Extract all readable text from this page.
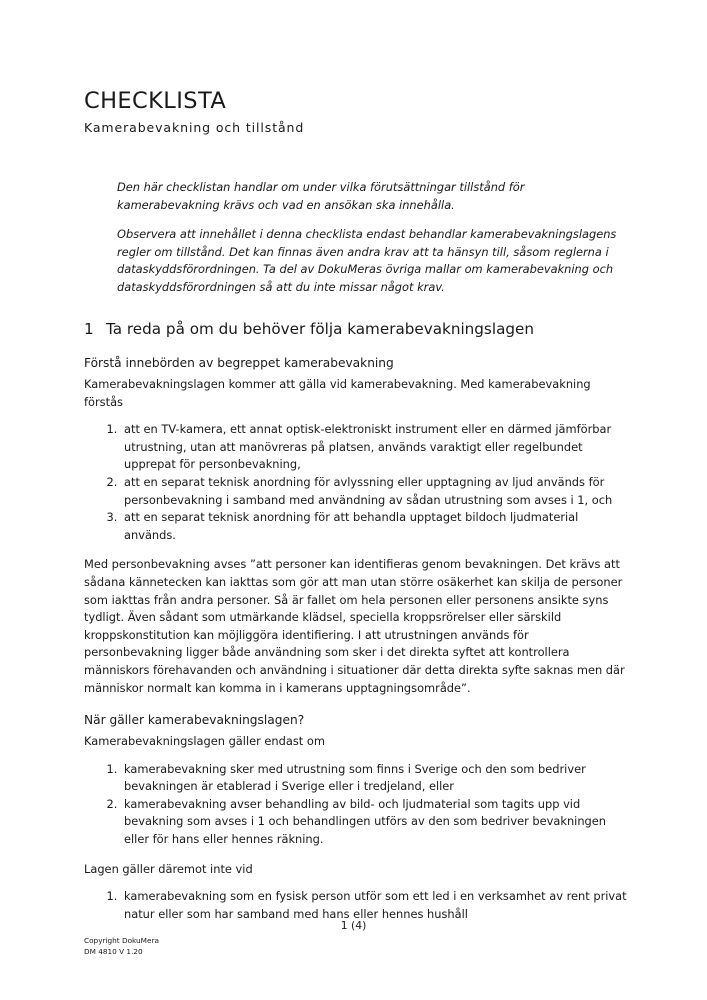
CHECKLISTA
Kamerabevakning och tillstånd

Den här checklistan handlar om under vilka förutsättningar tillstånd för kamerabevakning krävs och vad en ansökan ska innehålla.

Observera att innehållet i denna checklista endast behandlar kamerabevakningslagens regler om tillstånd. Det kan finnas även andra krav att ta hänsyn till, såsom reglerna i dataskyddsförordningen. Ta del av DokuMeras övriga mallar om kamerabevakning och dataskyddsförordningen så att du inte missar något krav.

1 Ta reda på om du behöver följa kamerabevakningslagen
Förstå innebörden av begreppet kamerabevakning

Kamerabevakningslagen kommer att gälla vid kamerabevakning. Med kamerabevakning förstås

1. att en TV-kamera, ett annat optisk-elektroniskt instrument eller en därmed jämförbar utrustning, utan att manövreras på platsen, används varaktigt eller regelbundet upprepat för personbevakning,
2. att en separat teknisk anordning för avlyssning eller upptagning av ljud används för personbevakning i samband med användning av sådan utrustning som avses i 1, och
3. att en separat teknisk anordning för att behandla upptaget bildoch ljudmaterial används.

Med personbevakning avses ”att personer kan identifieras genom bevakningen. Det krävs att sådana kännetecken kan iakttas som gör att man utan större osäkerhet kan skilja de personer som iakttas från andra personer. Så är fallet om hela personen eller personens ansikte syns tydligt. Även sådant som utmärkande klädsel, speciella kroppsrörelser eller särskild kroppskonstitution kan möjliggöra identifiering. I att utrustningen används för personbevakning ligger både användning som sker i det direkta syftet att kontrollera människors förehavanden och användning i situationer där detta direkta syfte saknas men där människor normalt kan komma in i kamerans upptagningsområde”.

När gäller kamerabevakningslagen?

Kamerabevakningslagen gäller endast om

1. kamerabevakning sker med utrustning som finns i Sverige och den som bedriver bevakningen är etablerad i Sverige eller i tredjeland, eller
2. kamerabevakning avser behandling av bild- och ljudmaterial som tagits upp vid bevakning som avses i 1 och behandlingen utförs av den som bedriver bevakningen eller för hans eller hennes räkning.

Lagen gäller däremot inte vid

1. kamerabevakning som en fysisk person utför som ett led i en verksamhet av rent privat natur eller som har samband med hans eller hennes hushåll
1 (4)
Copyright DokuMera
DM 4810 V 1.20
